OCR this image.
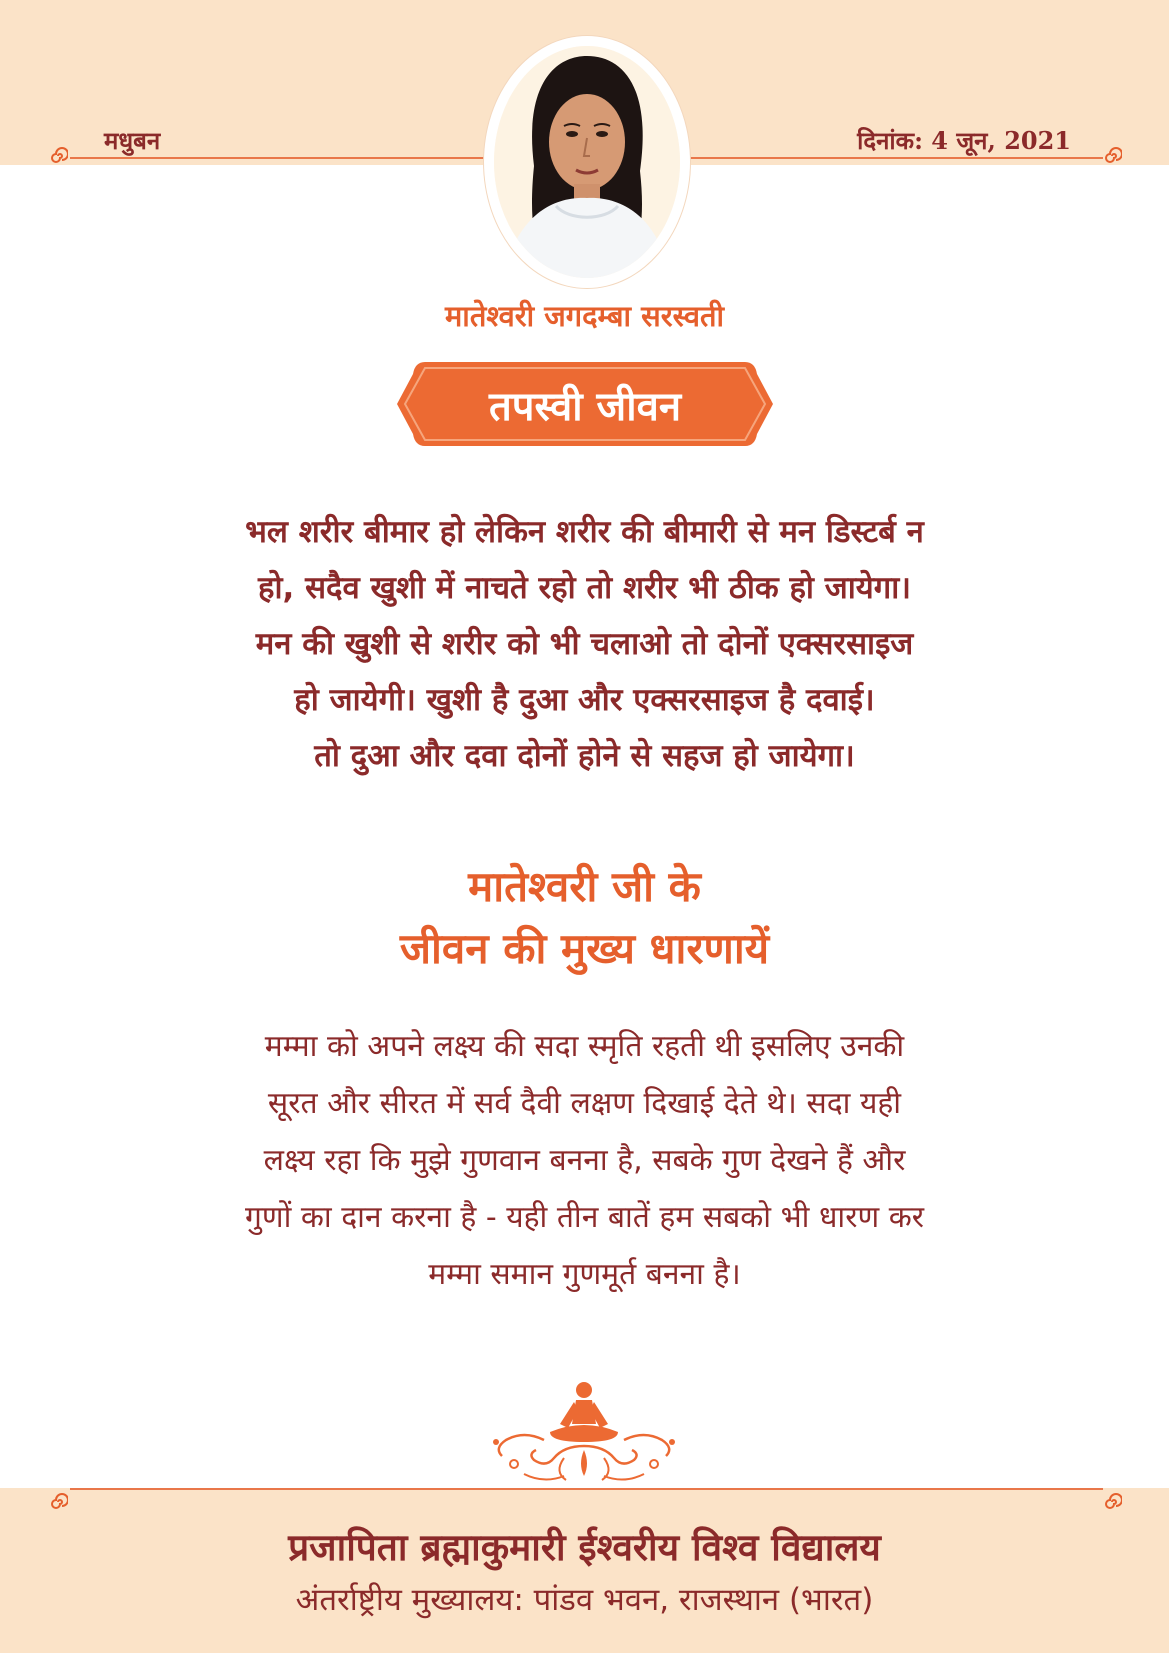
मधुबन	दिनांक: 4 जून, 2021
मातेश्वरी जगदम्बा सरस्वती
तपस्वी जीवन
भल शरीर बीमार हो लेकिन शरीर की बीमारी से मन डिस्टर्ब न
हो, सदैव खुशी में नाचते रहो तो शरीर भी ठीक हो जायेगा।
मन की खुशी से शरीर को भी चलाओ तो दोनों एक्सरसाइज
हो जायेगी। खुशी है दुआ और एक्सरसाइज है दवाई।
तो दुआ और दवा दोनों होने से सहज हो जायेगा।
मातेश्वरी जी के
जीवन की मुख्य धारणायें
मम्मा को अपने लक्ष्य की सदा स्मृति रहती थी इसलिए उनकी
सूरत और सीरत में सर्व दैवी लक्षण दिखाई देते थे। सदा यही
लक्ष्य रहा कि मुझे गुणवान बनना है, सबके गुण देखने हैं और
गुणों का दान करना है - यही तीन बातें हम सबको भी धारण कर
मम्मा समान गुणमूर्त बनना है।
प्रजापिता ब्रह्माकुमारी ईश्वरीय विश्व विद्यालय
अंतर्राष्ट्रीय मुख्यालय: पांडव भवन, राजस्थान (भारत)
